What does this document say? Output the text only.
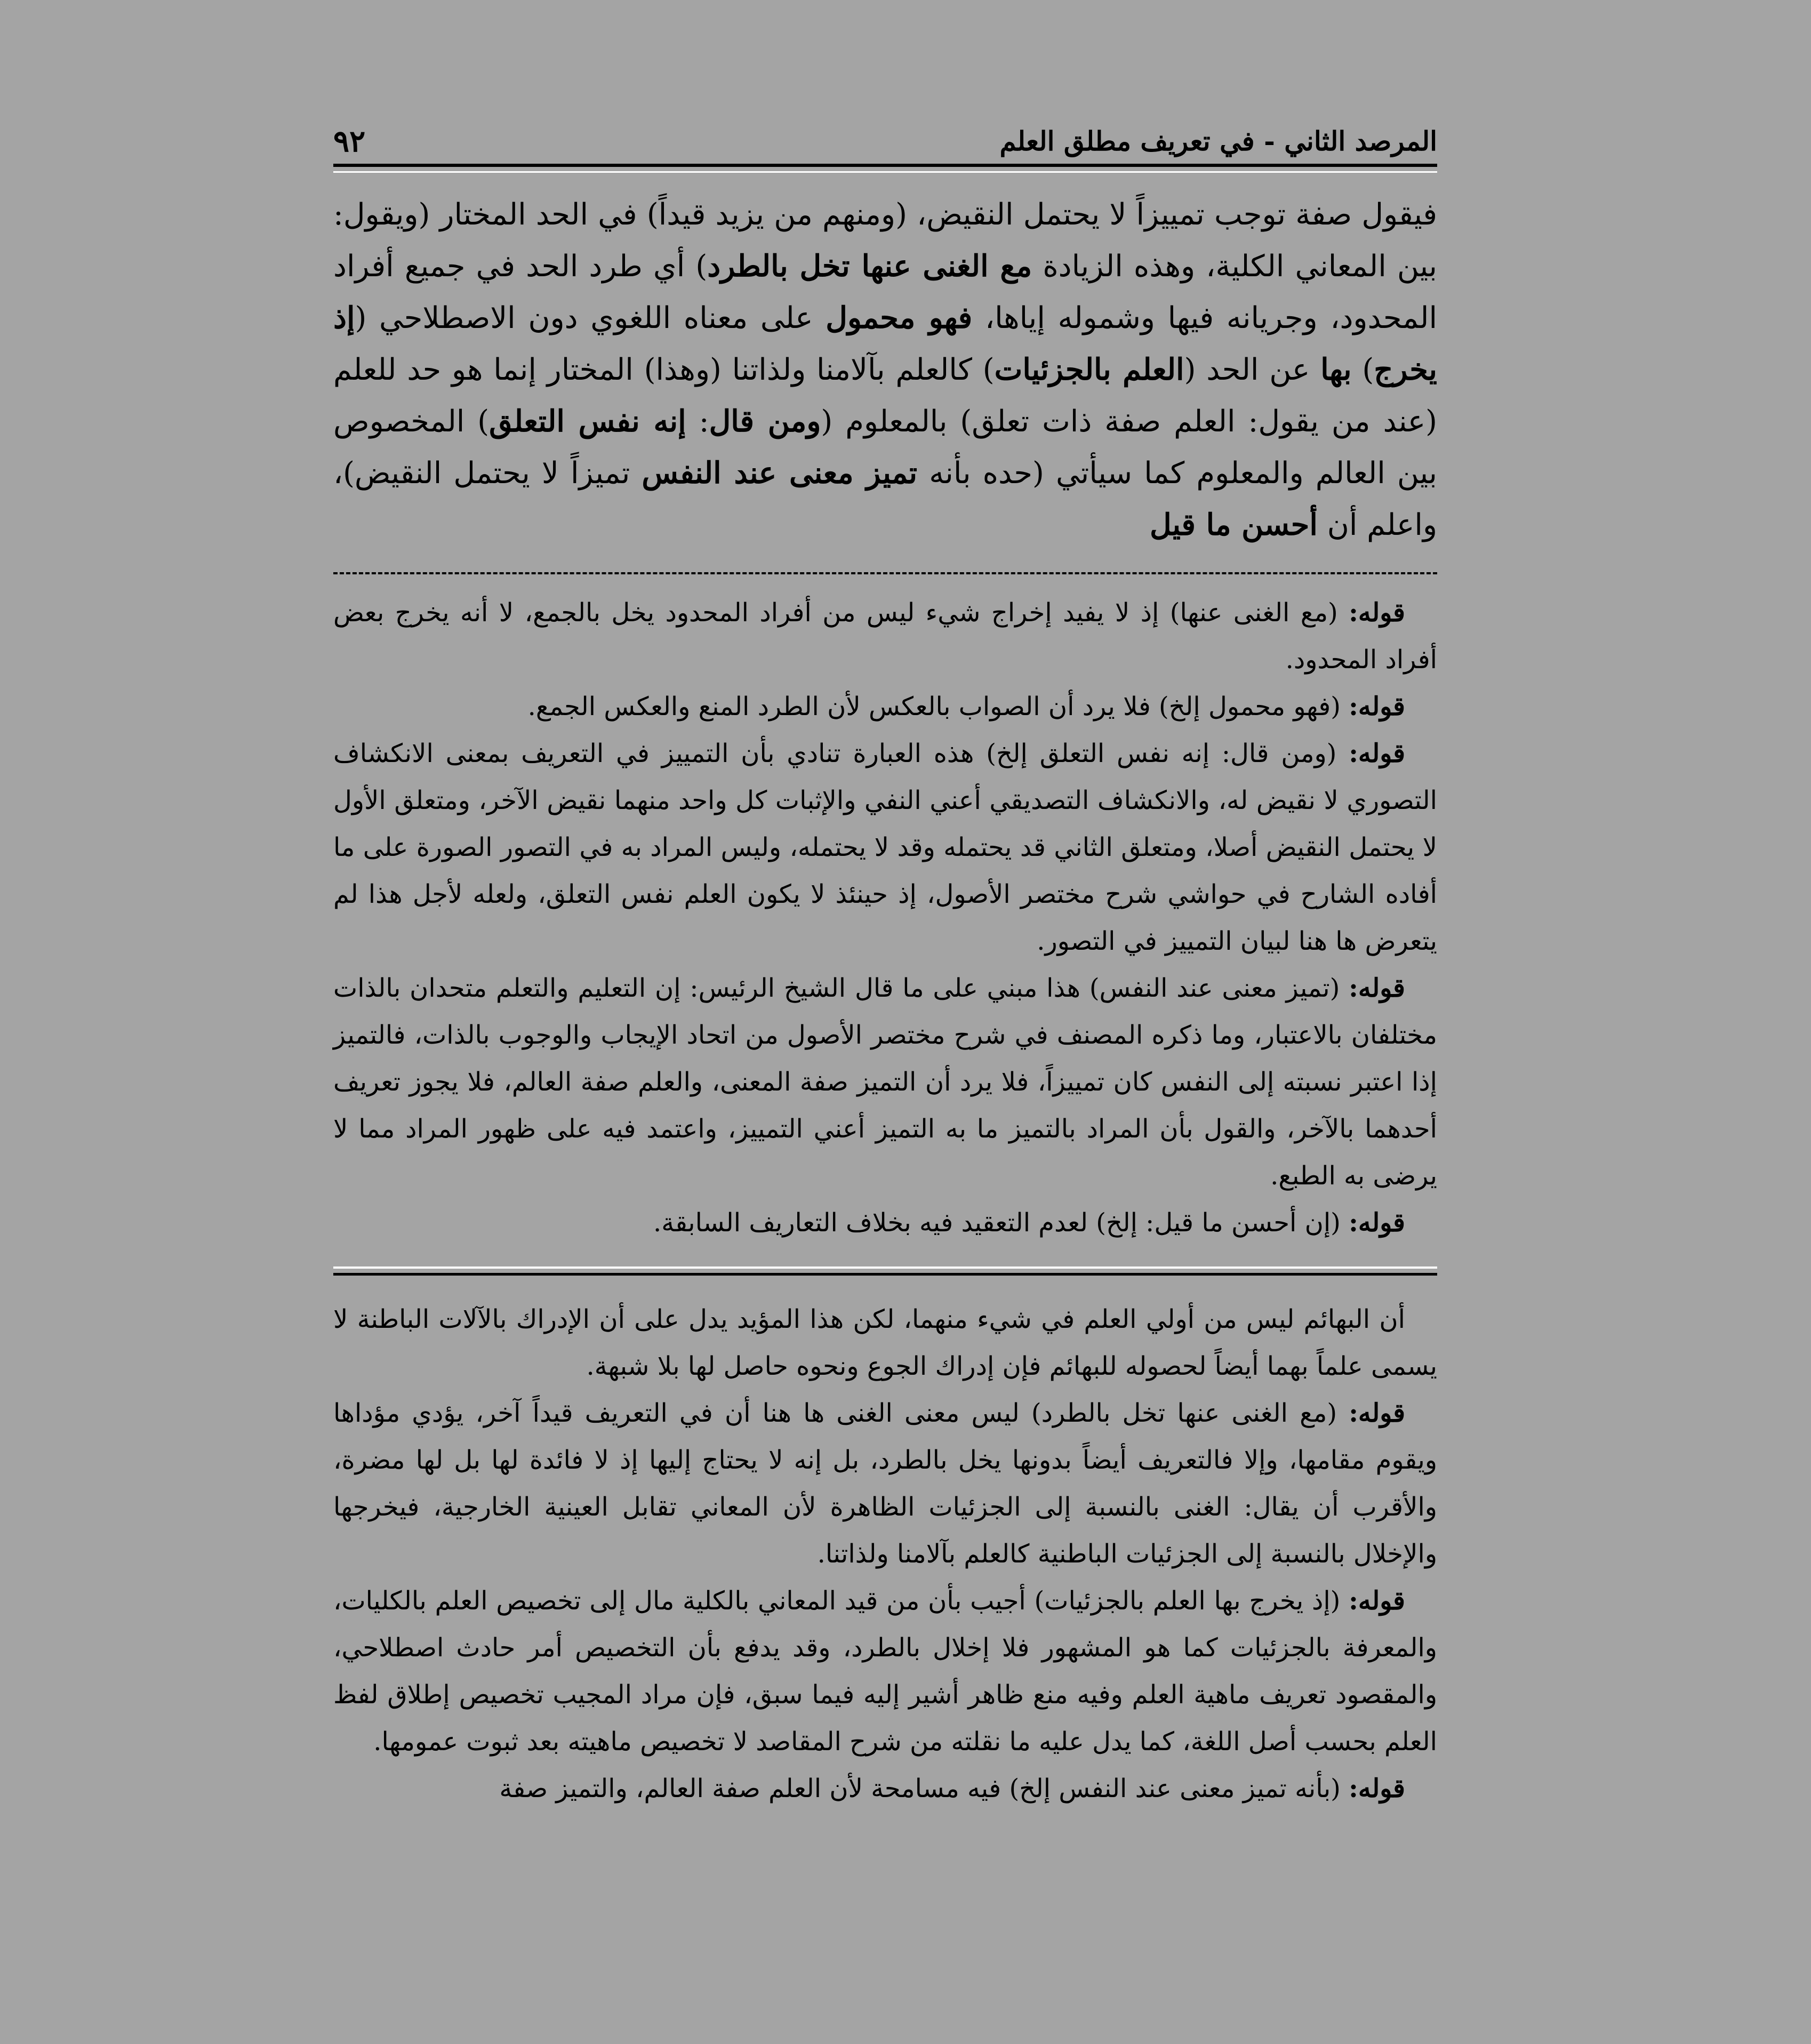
المرصد الثاني - في تعريف مطلق العلم
٩٢
فيقول صفة توجب تمييزاً لا يحتمل النقيض، (ومنهم من يزيد قيداً) في الحد المختار (ويقول: بين المعاني الكلية، وهذه الزيادة مع الغنى عنها تخل بالطرد) أي طرد الحد في جميع أفراد المحدود، وجريانه فيها وشموله إياها، فهو محمول على معناه اللغوي دون الاصطلاحي (إذ يخرج) بها عن الحد (العلم بالجزئيات) كالعلم بآلامنا ولذاتنا (وهذا) المختار إنما هو حد للعلم (عند من يقول: العلم صفة ذات تعلق) بالمعلوم (ومن قال: إنه نفس التعلق) المخصوص بين العالم والمعلوم كما سيأتي (حده بأنه تميز معنى عند النفس تميزاً لا يحتمل النقيض)، واعلم أن أحسن ما قيل

قوله: (مع الغنى عنها) إذ لا يفيد إخراج شيء ليس من أفراد المحدود يخل بالجمع، لا أنه يخرج بعض أفراد المحدود.

قوله: (فهو محمول إلخ) فلا يرد أن الصواب بالعكس لأن الطرد المنع والعكس الجمع.

قوله: (ومن قال: إنه نفس التعلق إلخ) هذه العبارة تنادي بأن التمييز في التعريف بمعنى الانكشاف التصوري لا نقيض له، والانكشاف التصديقي أعني النفي والإثبات كل واحد منهما نقيض الآخر، ومتعلق الأول لا يحتمل النقيض أصلا، ومتعلق الثاني قد يحتمله وقد لا يحتمله، وليس المراد به في التصور الصورة على ما أفاده الشارح في حواشي شرح مختصر الأصول، إذ حينئذ لا يكون العلم نفس التعلق، ولعله لأجل هذا لم يتعرض ها هنا لبيان التمييز في التصور.

قوله: (تميز معنى عند النفس) هذا مبني على ما قال الشيخ الرئيس: إن التعليم والتعلم متحدان بالذات مختلفان بالاعتبار، وما ذكره المصنف في شرح مختصر الأصول من اتحاد الإيجاب والوجوب بالذات، فالتميز إذا اعتبر نسبته إلى النفس كان تمييزاً، فلا يرد أن التميز صفة المعنى، والعلم صفة العالم، فلا يجوز تعريف أحدهما بالآخر، والقول بأن المراد بالتميز ما به التميز أعني التمييز، واعتمد فيه على ظهور المراد مما لا يرضى به الطبع.

قوله: (إن أحسن ما قيل: إلخ) لعدم التعقيد فيه بخلاف التعاريف السابقة.

أن البهائم ليس من أولي العلم في شيء منهما، لكن هذا المؤيد يدل على أن الإدراك بالآلات الباطنة لا يسمى علماً بهما أيضاً لحصوله للبهائم فإن إدراك الجوع ونحوه حاصل لها بلا شبهة.

قوله: (مع الغنى عنها تخل بالطرد) ليس معنى الغنى ها هنا أن في التعريف قيداً آخر، يؤدي مؤداها ويقوم مقامها، وإلا فالتعريف أيضاً بدونها يخل بالطرد، بل إنه لا يحتاج إليها إذ لا فائدة لها بل لها مضرة، والأقرب أن يقال: الغنى بالنسبة إلى الجزئيات الظاهرة لأن المعاني تقابل العينية الخارجية، فيخرجها والإخلال بالنسبة إلى الجزئيات الباطنية كالعلم بآلامنا ولذاتنا.

قوله: (إذ يخرج بها العلم بالجزئيات) أجيب بأن من قيد المعاني بالكلية مال إلى تخصيص العلم بالكليات، والمعرفة بالجزئيات كما هو المشهور فلا إخلال بالطرد، وقد يدفع بأن التخصيص أمر حادث اصطلاحي، والمقصود تعريف ماهية العلم وفيه منع ظاهر أشير إليه فيما سبق، فإن مراد المجيب تخصيص إطلاق لفظ العلم بحسب أصل اللغة، كما يدل عليه ما نقلته من شرح المقاصد لا تخصيص ماهيته بعد ثبوت عمومها.

قوله: (بأنه تميز معنى عند النفس إلخ) فيه مسامحة لأن العلم صفة العالم، والتميز صفة
